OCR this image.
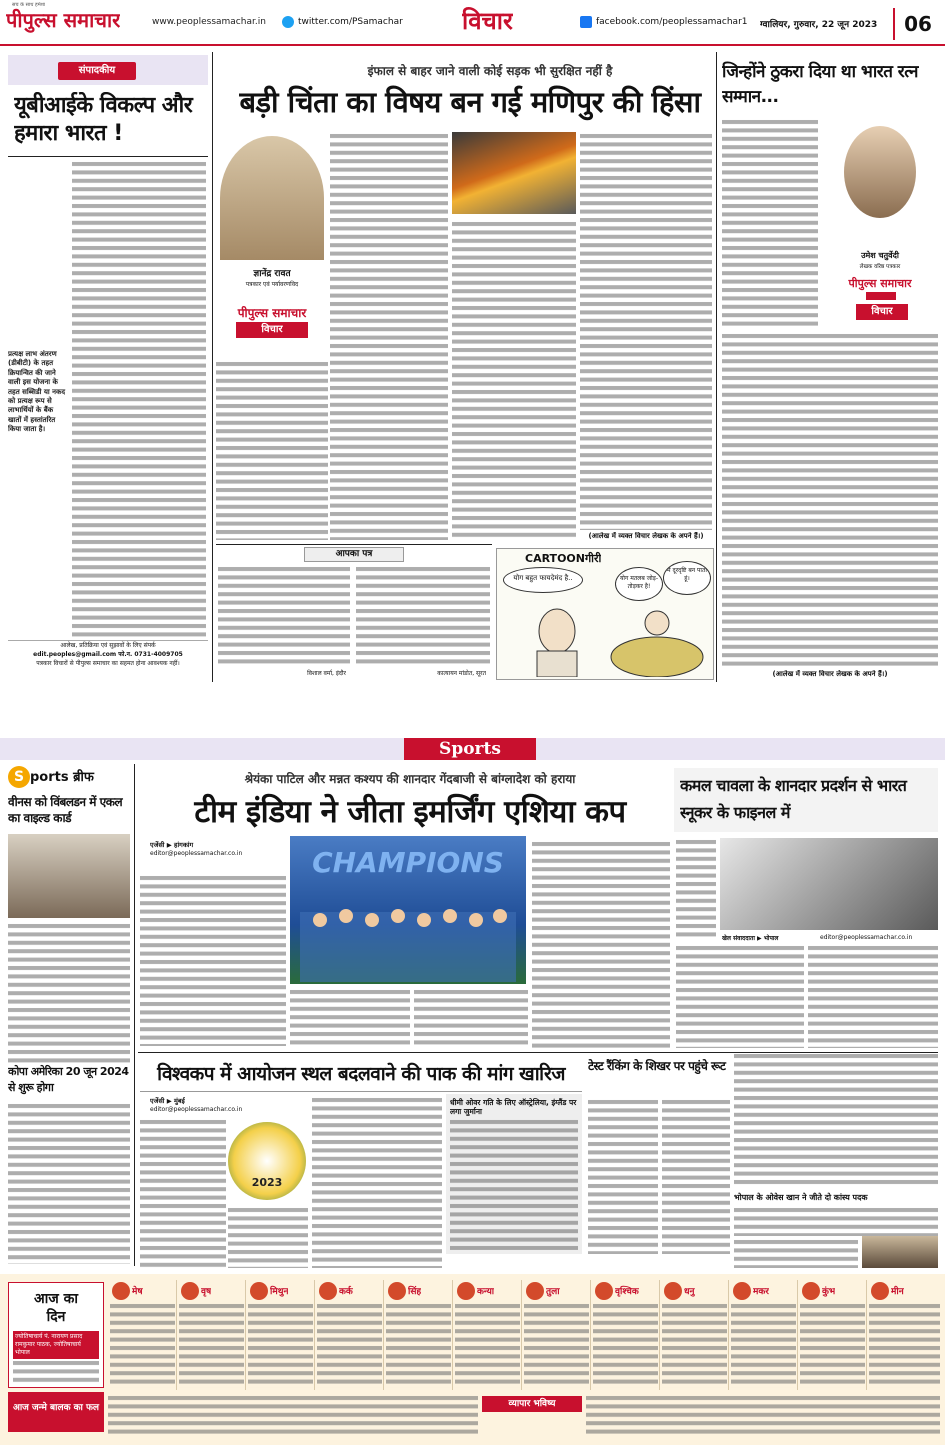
पीपुल्स समाचार
सच के साथ हमेशा
www.peoplessamachar.in	twitter.com/PSamachar विचार	facebook.com/peoplessamachar1 ग्वालियर, गुरुवार, 22 जून 2023	06
संपादकीय
यूबीआईके विकल्प और हमारा भारत !
प्रत्यक्ष लाभ अंतरण (डीबीटी) के तहत क्रियान्वित की जाने वाली इस योजना के तहत सब्सिडी या नकद को प्रत्यक्ष रूप से लाभार्थियों के बैंक खातों में हस्तांतरित किया जाता है।
आलेख, प्रतिक्रिया एवं सुझावों के लिए संपर्क
edit.peoples@gmail.com फो.न. 0731-4009705
पत्रकार विचारों से पीपुल्स समाचार का सहमत होना आवश्यक नहीं।
इंफाल से बाहर जाने वाली कोई सड़क भी सुरक्षित नहीं है
बड़ी चिंता का विषय बन गई मणिपुर की हिंसा
ज्ञानेंद्र रावत
पत्रकार एवं पर्यावरणविद
पीपुल्स समाचार
विचार
(आलेख में व्यक्त विचार लेखक के अपने हैं।)
आपका पत्र
विशाल वर्मा, इंदौर	कात्यायन मांडोत, सूरत
CARTOONगीरी
योग बहुत फायदेमंद है..	योग मतलब जोड़-तोड़कर है!
मैं दूरदृष्टि बन पाता हूं।
जिन्होंने ठुकरा दिया था भारत रत्न सम्मान...
उमेश चतुर्वेदी
लेखक वरिष्ठ पत्रकार
पीपुल्स समाचार
विचार
(आलेख में व्यक्त विचार लेखक के अपने हैं।)
Sports
S ports ब्रीफ
वीनस को विंबलडन में एकल का वाइल्ड कार्ड
कोपा अमेरिका 20 जून 2024 से शुरू होगा
श्रेयंका पाटिल और मन्नत कश्यप की शानदार गेंदबाजी से बांग्लादेश को हराया
टीम इंडिया ने जीता इमर्जिंग एशिया कप
एजेंसी ▶ हांगकांग
editor@peoplessamachar.co.in	CHAMPIONS
कमल चावला के शानदार प्रदर्शन से भारत स्नूकर के फाइनल में
खेल संवाददाता ▶ भोपाल	editor@peoplessamachar.co.in
विश्वकप में आयोजन स्थल बदलवाने की पाक की मांग खारिज
एजेंसी ▶ मुंबई
editor@peoplessamachar.co.in
2023
धीमी ओवर गति के लिए ऑस्ट्रेलिया, इंग्लैंड पर लगा जुर्माना
टेस्ट रैंकिंग के शिखर पर पहुंचे रूट
भोपाल के ओवेस खान ने जीते दो कांस्य पदक
आज का
दिन
ज्योतिषाचार्य पं. नारायण प्रसाद रामकुमार पाठक, ज्योतिषाचार्य भोपाल
आज जन्मे बालक का फल
मेष	वृष	मिथुन	कर्क	सिंह	कन्या	तुला	वृश्चिक	धनु	मकर	कुंभ	मीन
व्यापार भविष्य
